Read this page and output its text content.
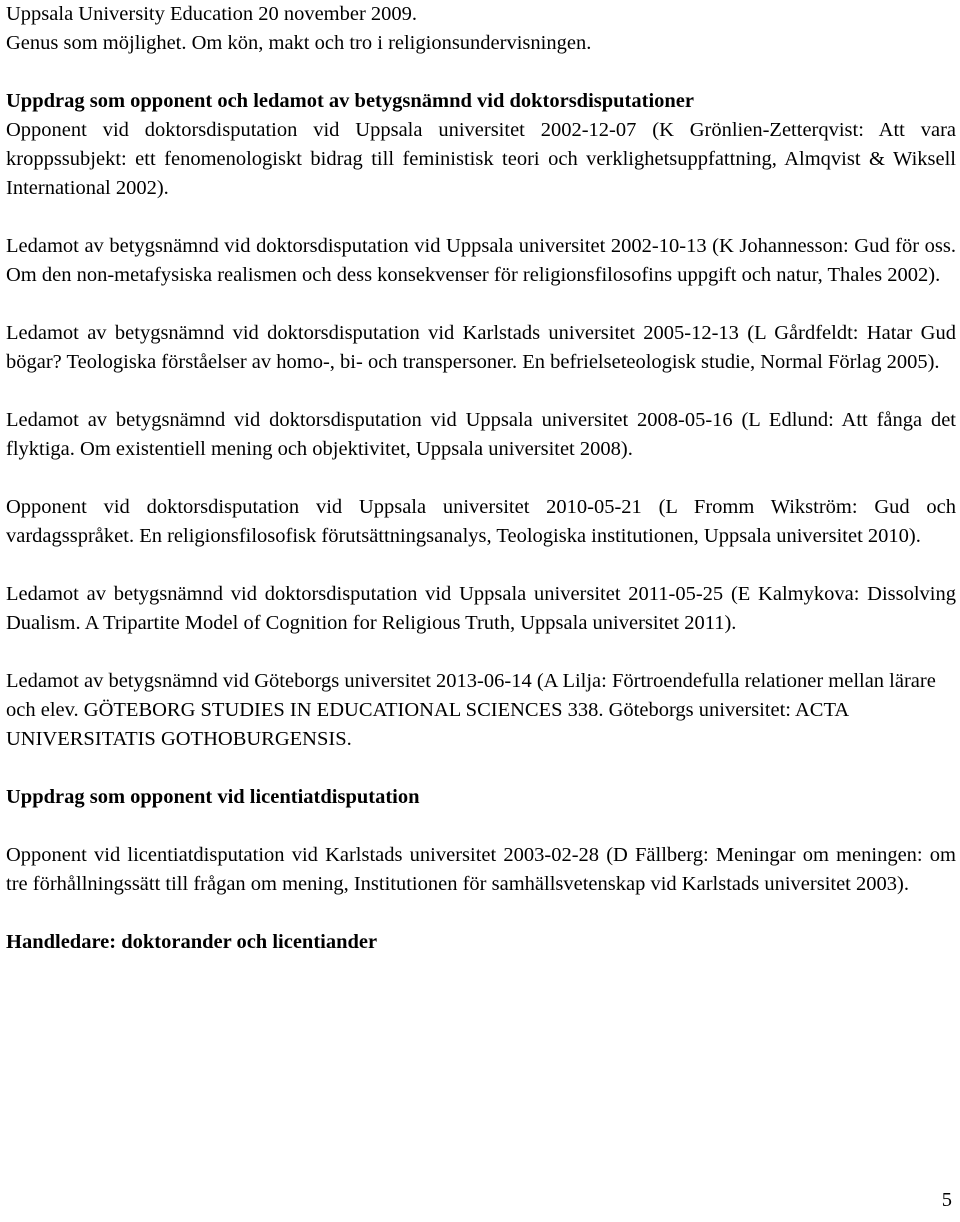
Uppsala University Education 20 november 2009.

Genus som möjlighet. Om kön, makt och tro i religionsundervisningen.

Uppdrag som opponent och ledamot av betygsnämnd vid doktorsdisputationer

Opponent vid doktorsdisputation vid Uppsala universitet 2002-12-07 (K Grönlien-Zetterqvist: Att vara kroppssubjekt: ett fenomenologiskt bidrag till feministisk teori och verklighetsuppfattning, Almqvist & Wiksell International 2002).

Ledamot av betygsnämnd vid doktorsdisputation vid Uppsala universitet 2002-10-13 (K Johannesson: Gud för oss. Om den non-metafysiska realismen och dess konsekvenser för religionsfilosofins uppgift och natur, Thales 2002).

Ledamot av betygsnämnd vid doktorsdisputation vid Karlstads universitet 2005-12-13 (L Gårdfeldt: Hatar Gud bögar? Teologiska förståelser av homo-, bi- och transpersoner. En befrielseteologisk studie, Normal Förlag 2005).

Ledamot av betygsnämnd vid doktorsdisputation vid Uppsala universitet 2008-05-16 (L Edlund: Att fånga det flyktiga. Om existentiell mening och objektivitet, Uppsala universitet 2008).

Opponent vid doktorsdisputation vid Uppsala universitet 2010-05-21 (L Fromm Wikström: Gud och vardagsspråket. En religionsfilosofisk förutsättningsanalys, Teologiska institutionen, Uppsala universitet 2010).

Ledamot av betygsnämnd vid doktorsdisputation vid Uppsala universitet 2011-05-25 (E Kalmykova: Dissolving Dualism. A Tripartite Model of Cognition for Religious Truth, Uppsala universitet 2011).

Ledamot av betygsnämnd vid Göteborgs universitet 2013-06-14 (A Lilja: Förtroendefulla relationer mellan lärare och elev. GÖTEBORG STUDIES IN EDUCATIONAL SCIENCES 338. Göteborgs universitet: ACTA UNIVERSITATIS GOTHOBURGENSIS.

Uppdrag som opponent vid licentiatdisputation

Opponent vid licentiatdisputation vid Karlstads universitet 2003-02-28 (D Fällberg: Meningar om meningen: om tre förhållningssätt till frågan om mening, Institutionen för samhällsvetenskap vid Karlstads universitet 2003).

Handledare: doktorander och licentiander

5
